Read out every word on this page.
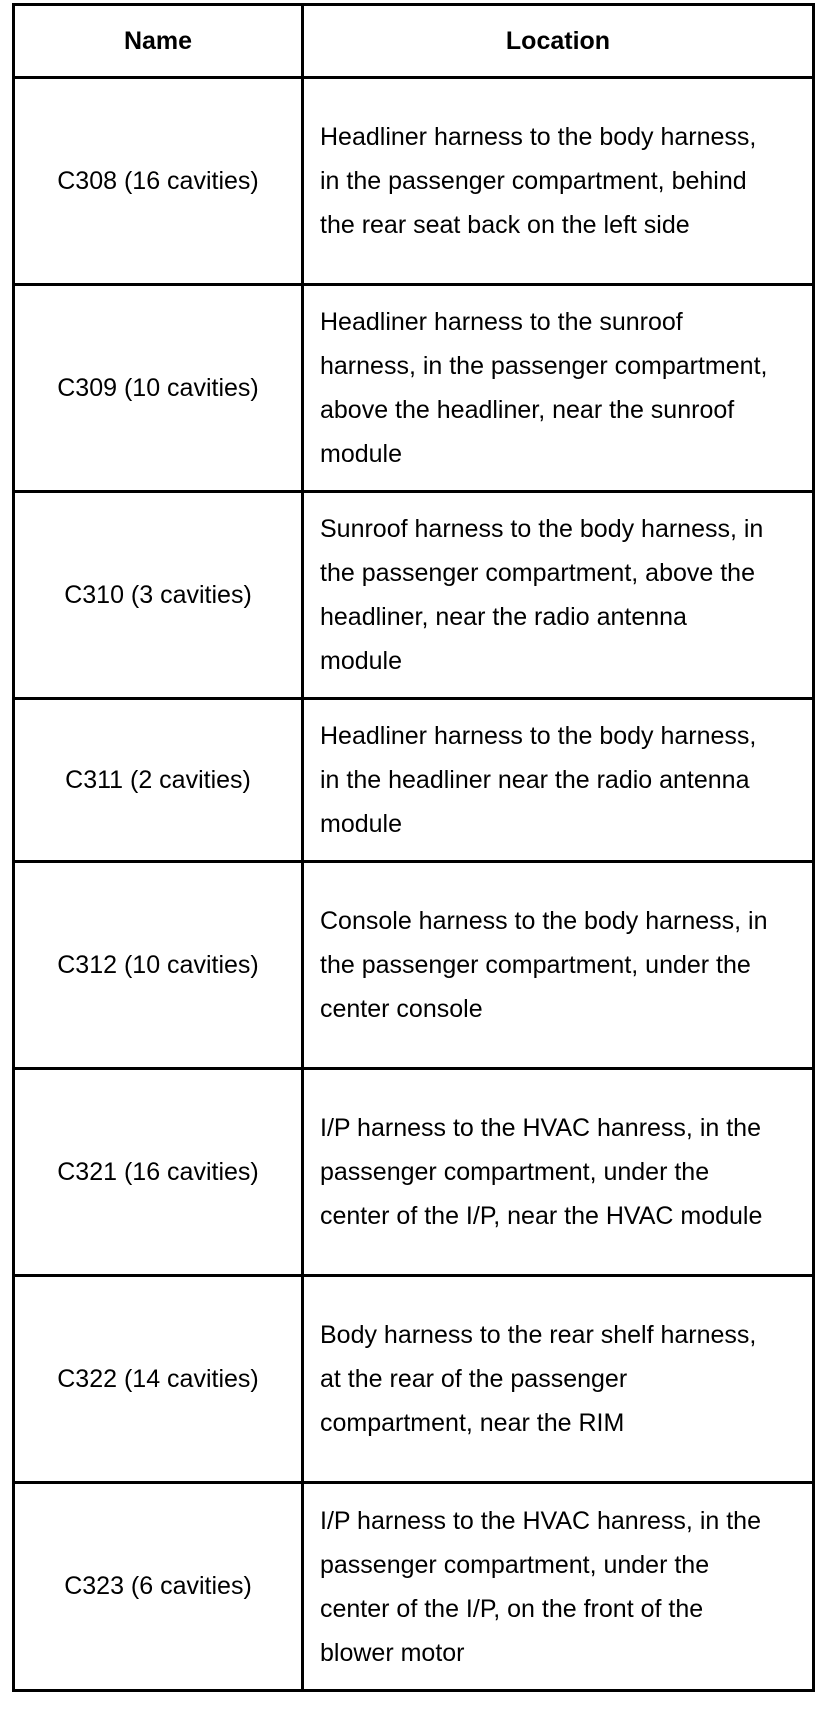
Name	Location
C308 (16 cavities)	Headliner harness to the body harness, in the passenger compartment, behind the rear seat back on the left side
C309 (10 cavities)	Headliner harness to the sunroof harness, in the passenger compartment, above the headliner, near the sunroof module
C310 (3 cavities)	Sunroof harness to the body harness, in the passenger compartment, above the headliner, near the radio antenna module
C311 (2 cavities)	Headliner harness to the body harness, in the headliner near the radio antenna module
C312 (10 cavities)	Console harness to the body harness, in the passenger compartment, under the center console
C321 (16 cavities)	I/P harness to the HVAC hanress, in the passenger compartment, under the center of the I/P, near the HVAC module
C322 (14 cavities)	Body harness to the rear shelf harness, at the rear of the passenger compartment, near the RIM
C323 (6 cavities)	I/P harness to the HVAC hanress, in the passenger compartment, under the center of the I/P, on the front of the blower motor
